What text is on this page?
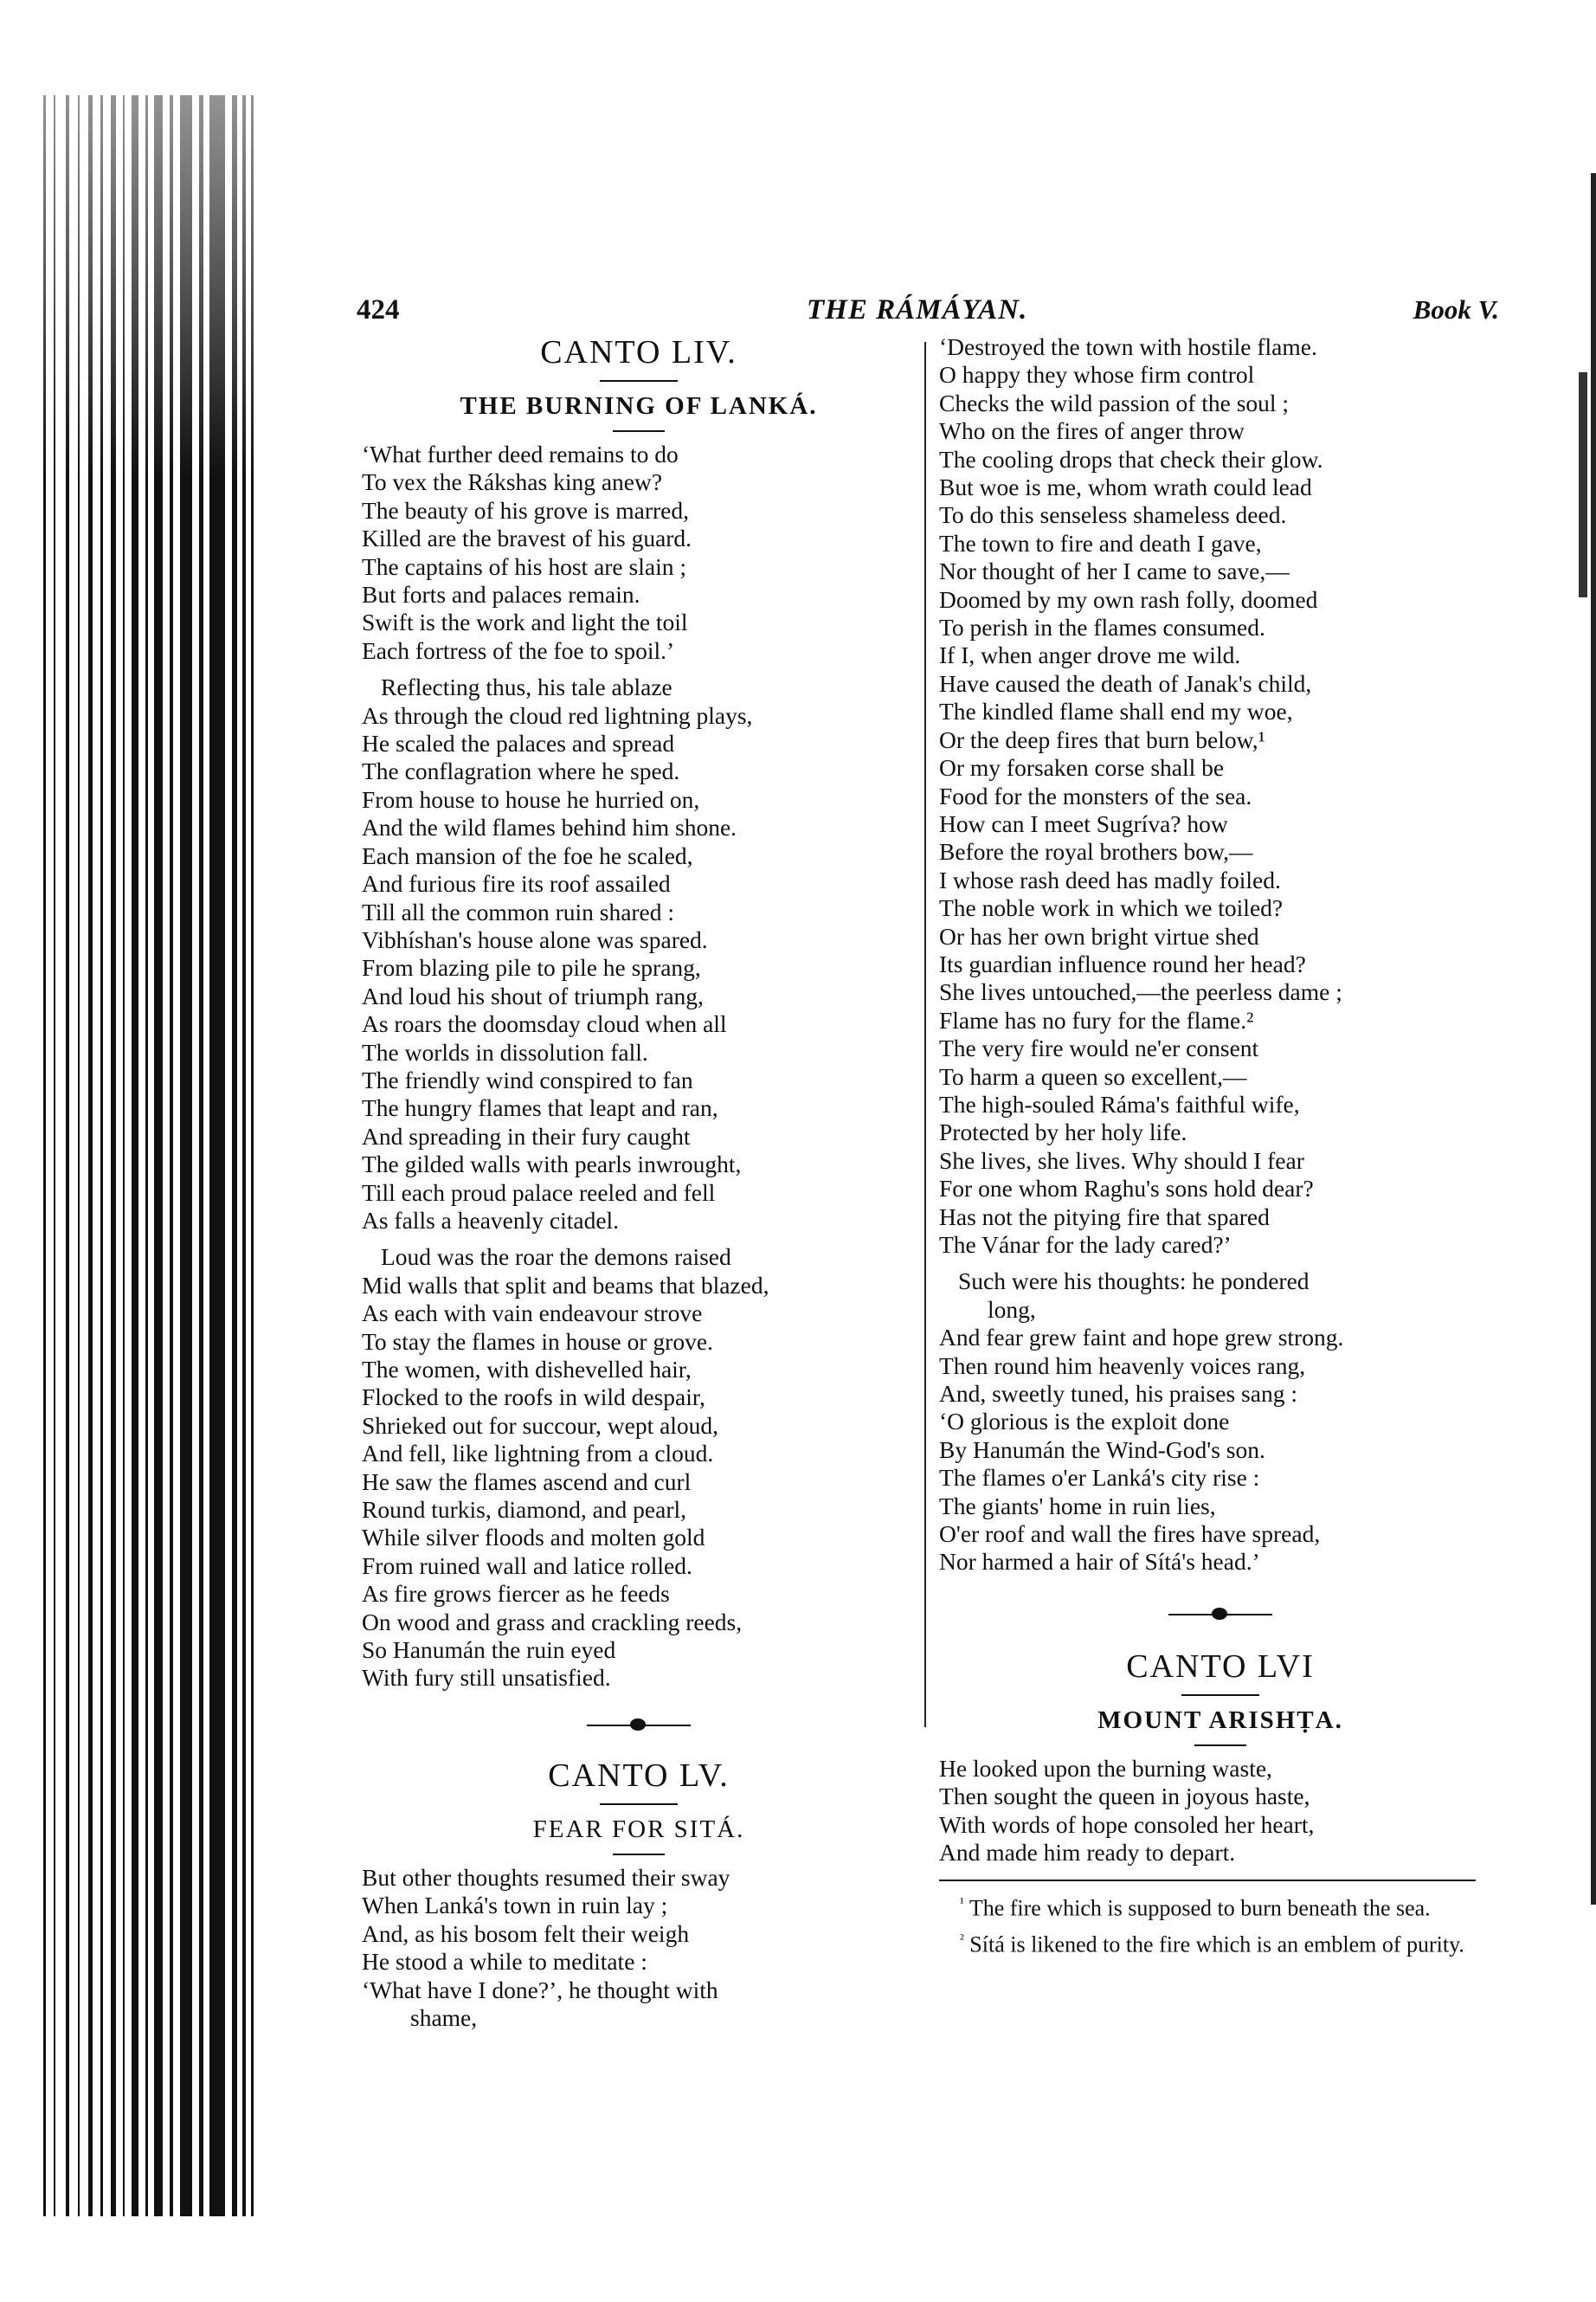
424	THE RÁMÁYAN.	Book V.
CANTO LIV.
THE BURNING OF LANKÁ.
‘What further deed remains to do
To vex the Rákshas king anew?
The beauty of his grove is marred,
Killed are the bravest of his guard.
The captains of his host are slain ;
But forts and palaces remain.
Swift is the work and light the toil
Each fortress of the foe to spoil.’
Reflecting thus, his tale ablaze
As through the cloud red lightning plays,
He scaled the palaces and spread
The conflagration where he sped.
From house to house he hurried on,
And the wild flames behind him shone.
Each mansion of the foe he scaled,
And furious fire its roof assailed
Till all the common ruin shared :
Vibhíshan's house alone was spared.
From blazing pile to pile he sprang,
And loud his shout of triumph rang,
As roars the doomsday cloud when all
The worlds in dissolution fall.
The friendly wind conspired to fan
The hungry flames that leapt and ran,
And spreading in their fury caught
The gilded walls with pearls inwrought,
Till each proud palace reeled and fell
As falls a heavenly citadel.
Loud was the roar the demons raised
Mid walls that split and beams that blazed,
As each with vain endeavour strove
To stay the flames in house or grove.
The women, with dishevelled hair,
Flocked to the roofs in wild despair,
Shrieked out for succour, wept aloud,
And fell, like lightning from a cloud.
He saw the flames ascend and curl
Round turkis, diamond, and pearl,
While silver floods and molten gold
From ruined wall and latice rolled.
As fire grows fiercer as he feeds
On wood and grass and crackling reeds,
So Hanumán the ruin eyed
With fury still unsatisfied.
CANTO LV.
FEAR FOR SITÁ.
But other thoughts resumed their sway
When Lanká's town in ruin lay ;
And, as his bosom felt their weigh
He stood a while to meditate :
‘What have I done?’, he thought with
shame,
‘Destroyed the town with hostile flame.
O happy they whose firm control
Checks the wild passion of the soul ;
Who on the fires of anger throw
The cooling drops that check their glow.
But woe is me, whom wrath could lead
To do this senseless shameless deed.
The town to fire and death I gave,
Nor thought of her I came to save,—
Doomed by my own rash folly, doomed
To perish in the flames consumed.
If I, when anger drove me wild.
Have caused the death of Janak's child,
The kindled flame shall end my woe,
Or the deep fires that burn below,¹
Or my forsaken corse shall be
Food for the monsters of the sea.
How can I meet Sugríva? how
Before the royal brothers bow,—
I whose rash deed has madly foiled.
The noble work in which we toiled?
Or has her own bright virtue shed
Its guardian influence round her head?
She lives untouched,—the peerless dame ;
Flame has no fury for the flame.²
The very fire would ne'er consent
To harm a queen so excellent,—
The high-souled Ráma's faithful wife,
Protected by her holy life.
She lives, she lives. Why should I fear
For one whom Raghu's sons hold dear?
Has not the pitying fire that spared
The Vánar for the lady cared?’
Such were his thoughts: he pondered
long,
And fear grew faint and hope grew strong.
Then round him heavenly voices rang,
And, sweetly tuned, his praises sang :
‘O glorious is the exploit done
By Hanumán the Wind-God's son.
The flames o'er Lanká's city rise :
The giants' home in ruin lies,
O'er roof and wall the fires have spread,
Nor harmed a hair of Sítá's head.’
CANTO LVI
MOUNT ARISHṬA.
He looked upon the burning waste,
Then sought the queen in joyous haste,
With words of hope consoled her heart,
And made him ready to depart.

$^{^1}$ The fire which is supposed to burn beneath the sea.

$^{^2}$ Sítá is likened to the fire which is an emblem of purity.
